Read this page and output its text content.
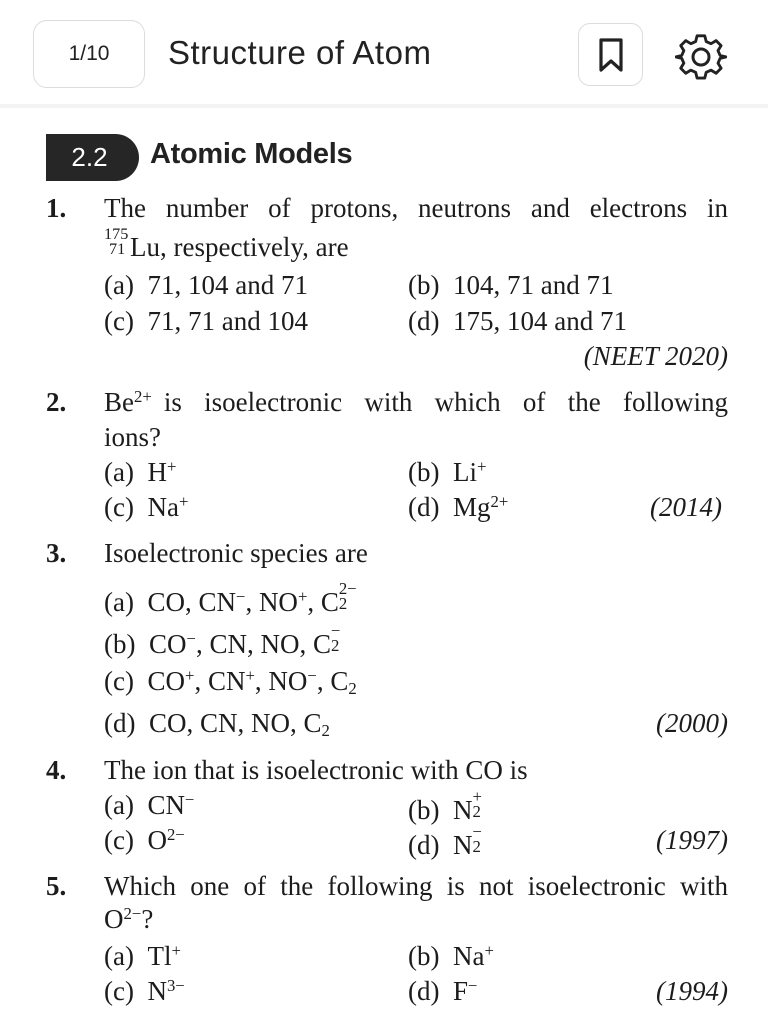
1/10	Structure of Atom
2.2	Atomic Models
1. The number of protons, neutrons and electrons in
175
71 Lu, respectively, are
(a) 71, 104 and 71	(b) 104, 71 and 71
(c) 71, 71 and 104	(d) 175, 104 and 71
(NEET 2020)
2. $Be^{2+}$ is isoelectronic with which of the following
ions?
(a) H+	(b) Li+
(c) Na+	(d) $Mg^{2+}$	(2014)
3. Isoelectronic species are
(a) CO, CN−, NO+, C 2−
2
(b) CO−, CN, NO, C −
2
(c) CO+, CN+, NO−, $C_2$
(d) CO, CN, NO, $C_2$	(2000)
4. The ion that is isoelectronic with CO is
(a) CN−	(b) N +
2
(c) $O^{2-}$	(d) N −
2	(1997)
5. Which one of the following is not isoelectronic with
$O^{2-}$?
(a) Tl+	(b) Na+
(c) $N^{3-}$	(d) F−	(1994)
